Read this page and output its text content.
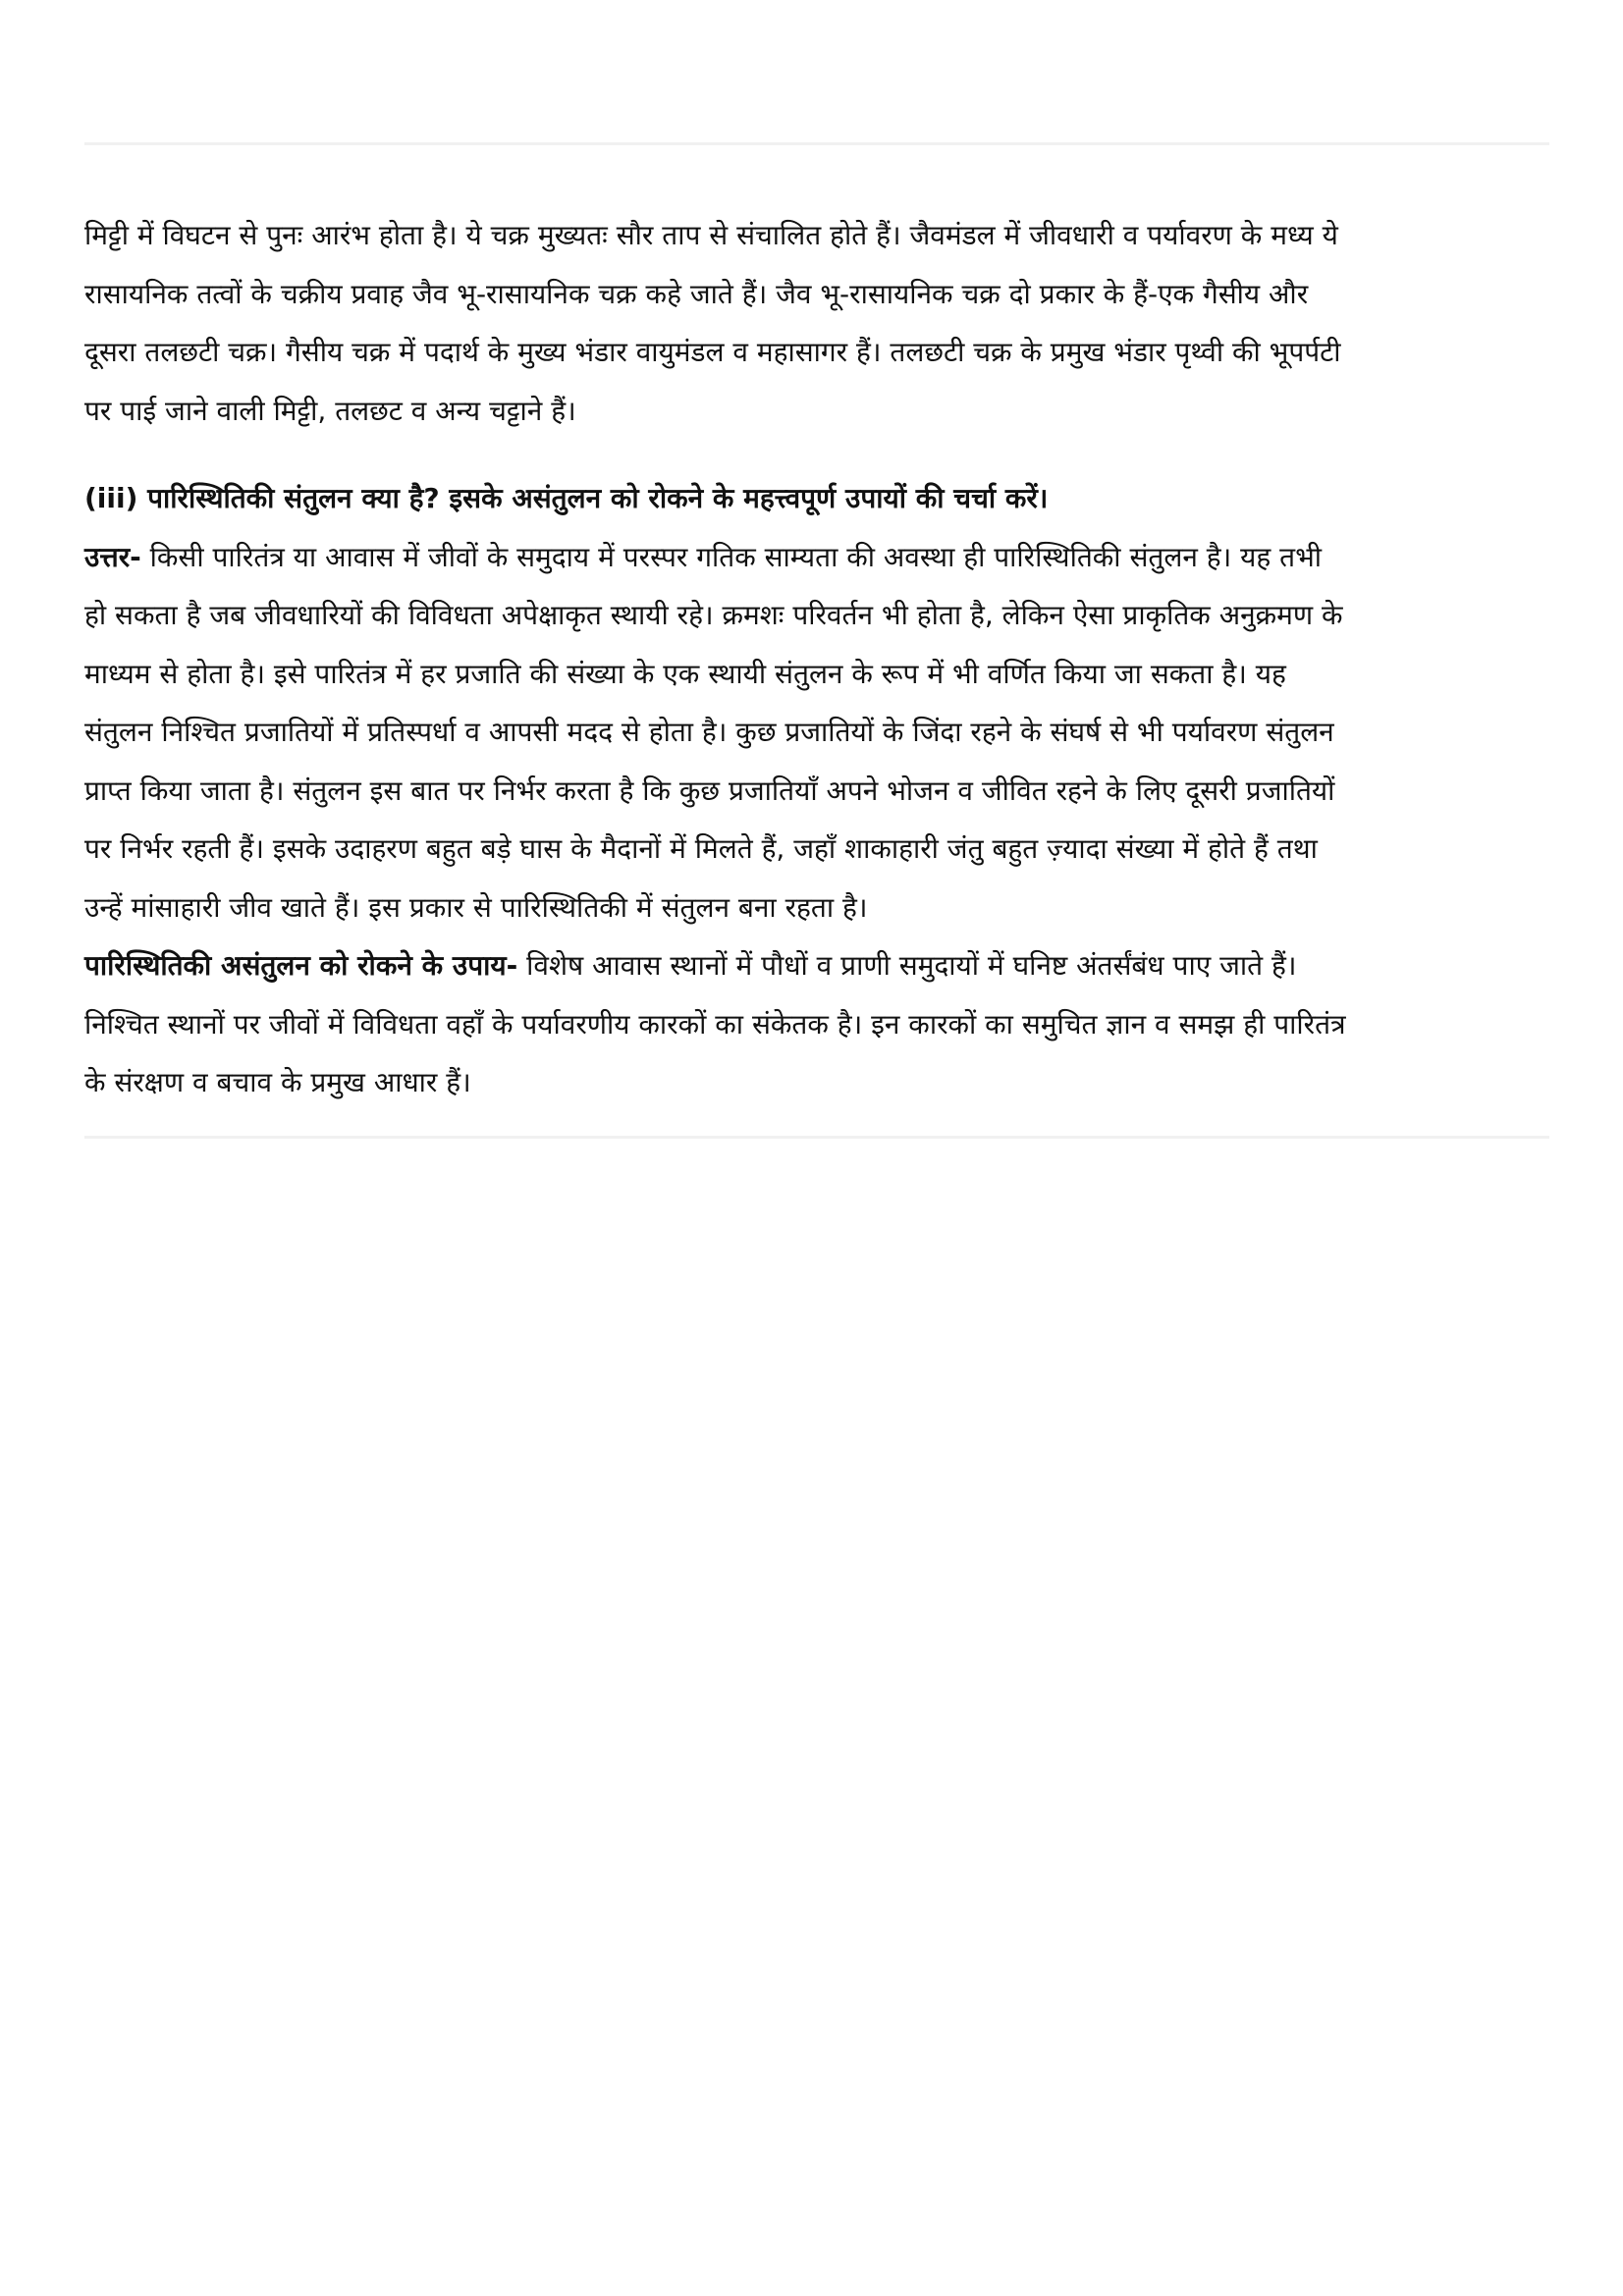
मिट्टी में विघटन से पुनः आरंभ होता है। ये चक्र मुख्यतः सौर ताप से संचालित होते हैं। जैवमंडल में जीवधारी व पर्यावरण के मध्य ये
रासायनिक तत्वों के चक्रीय प्रवाह जैव भू-रासायनिक चक्र कहे जाते हैं। जैव भू-रासायनिक चक्र दो प्रकार के हैं-एक गैसीय और
दूसरा तलछटी चक्र। गैसीय चक्र में पदार्थ के मुख्य भंडार वायुमंडल व महासागर हैं। तलछटी चक्र के प्रमुख भंडार पृथ्वी की भूपर्पटी
पर पाई जाने वाली मिट्टी, तलछट व अन्य चट्टाने हैं।
(iii) पारिस्थितिकी संतुलन क्या है? इसके असंतुलन को रोकने के महत्त्वपूर्ण उपायों की चर्चा करें।
उत्तर- किसी पारितंत्र या आवास में जीवों के समुदाय में परस्पर गतिक साम्यता की अवस्था ही पारिस्थितिकी संतुलन है। यह तभी
हो सकता है जब जीवधारियों की विविधता अपेक्षाकृत स्थायी रहे। क्रमशः परिवर्तन भी होता है, लेकिन ऐसा प्राकृतिक अनुक्रमण के
माध्यम से होता है। इसे पारितंत्र में हर प्रजाति की संख्या के एक स्थायी संतुलन के रूप में भी वर्णित किया जा सकता है। यह
संतुलन निश्चित प्रजातियों में प्रतिस्पर्धा व आपसी मदद से होता है। कुछ प्रजातियों के जिंदा रहने के संघर्ष से भी पर्यावरण संतुलन
प्राप्त किया जाता है। संतुलन इस बात पर निर्भर करता है कि कुछ प्रजातियाँ अपने भोजन व जीवित रहने के लिए दूसरी प्रजातियों
पर निर्भर रहती हैं। इसके उदाहरण बहुत बड़े घास के मैदानों में मिलते हैं, जहाँ शाकाहारी जंतु बहुत ज़्यादा संख्या में होते हैं तथा
उन्हें मांसाहारी जीव खाते हैं। इस प्रकार से पारिस्थितिकी में संतुलन बना रहता है।
पारिस्थितिकी असंतुलन को रोकने के उपाय- विशेष आवास स्थानों में पौधों व प्राणी समुदायों में घनिष्ट अंतर्संबंध पाए जाते हैं।
निश्चित स्थानों पर जीवों में विविधता वहाँ के पर्यावरणीय कारकों का संकेतक है। इन कारकों का समुचित ज्ञान व समझ ही पारितंत्र
के संरक्षण व बचाव के प्रमुख आधार हैं।
